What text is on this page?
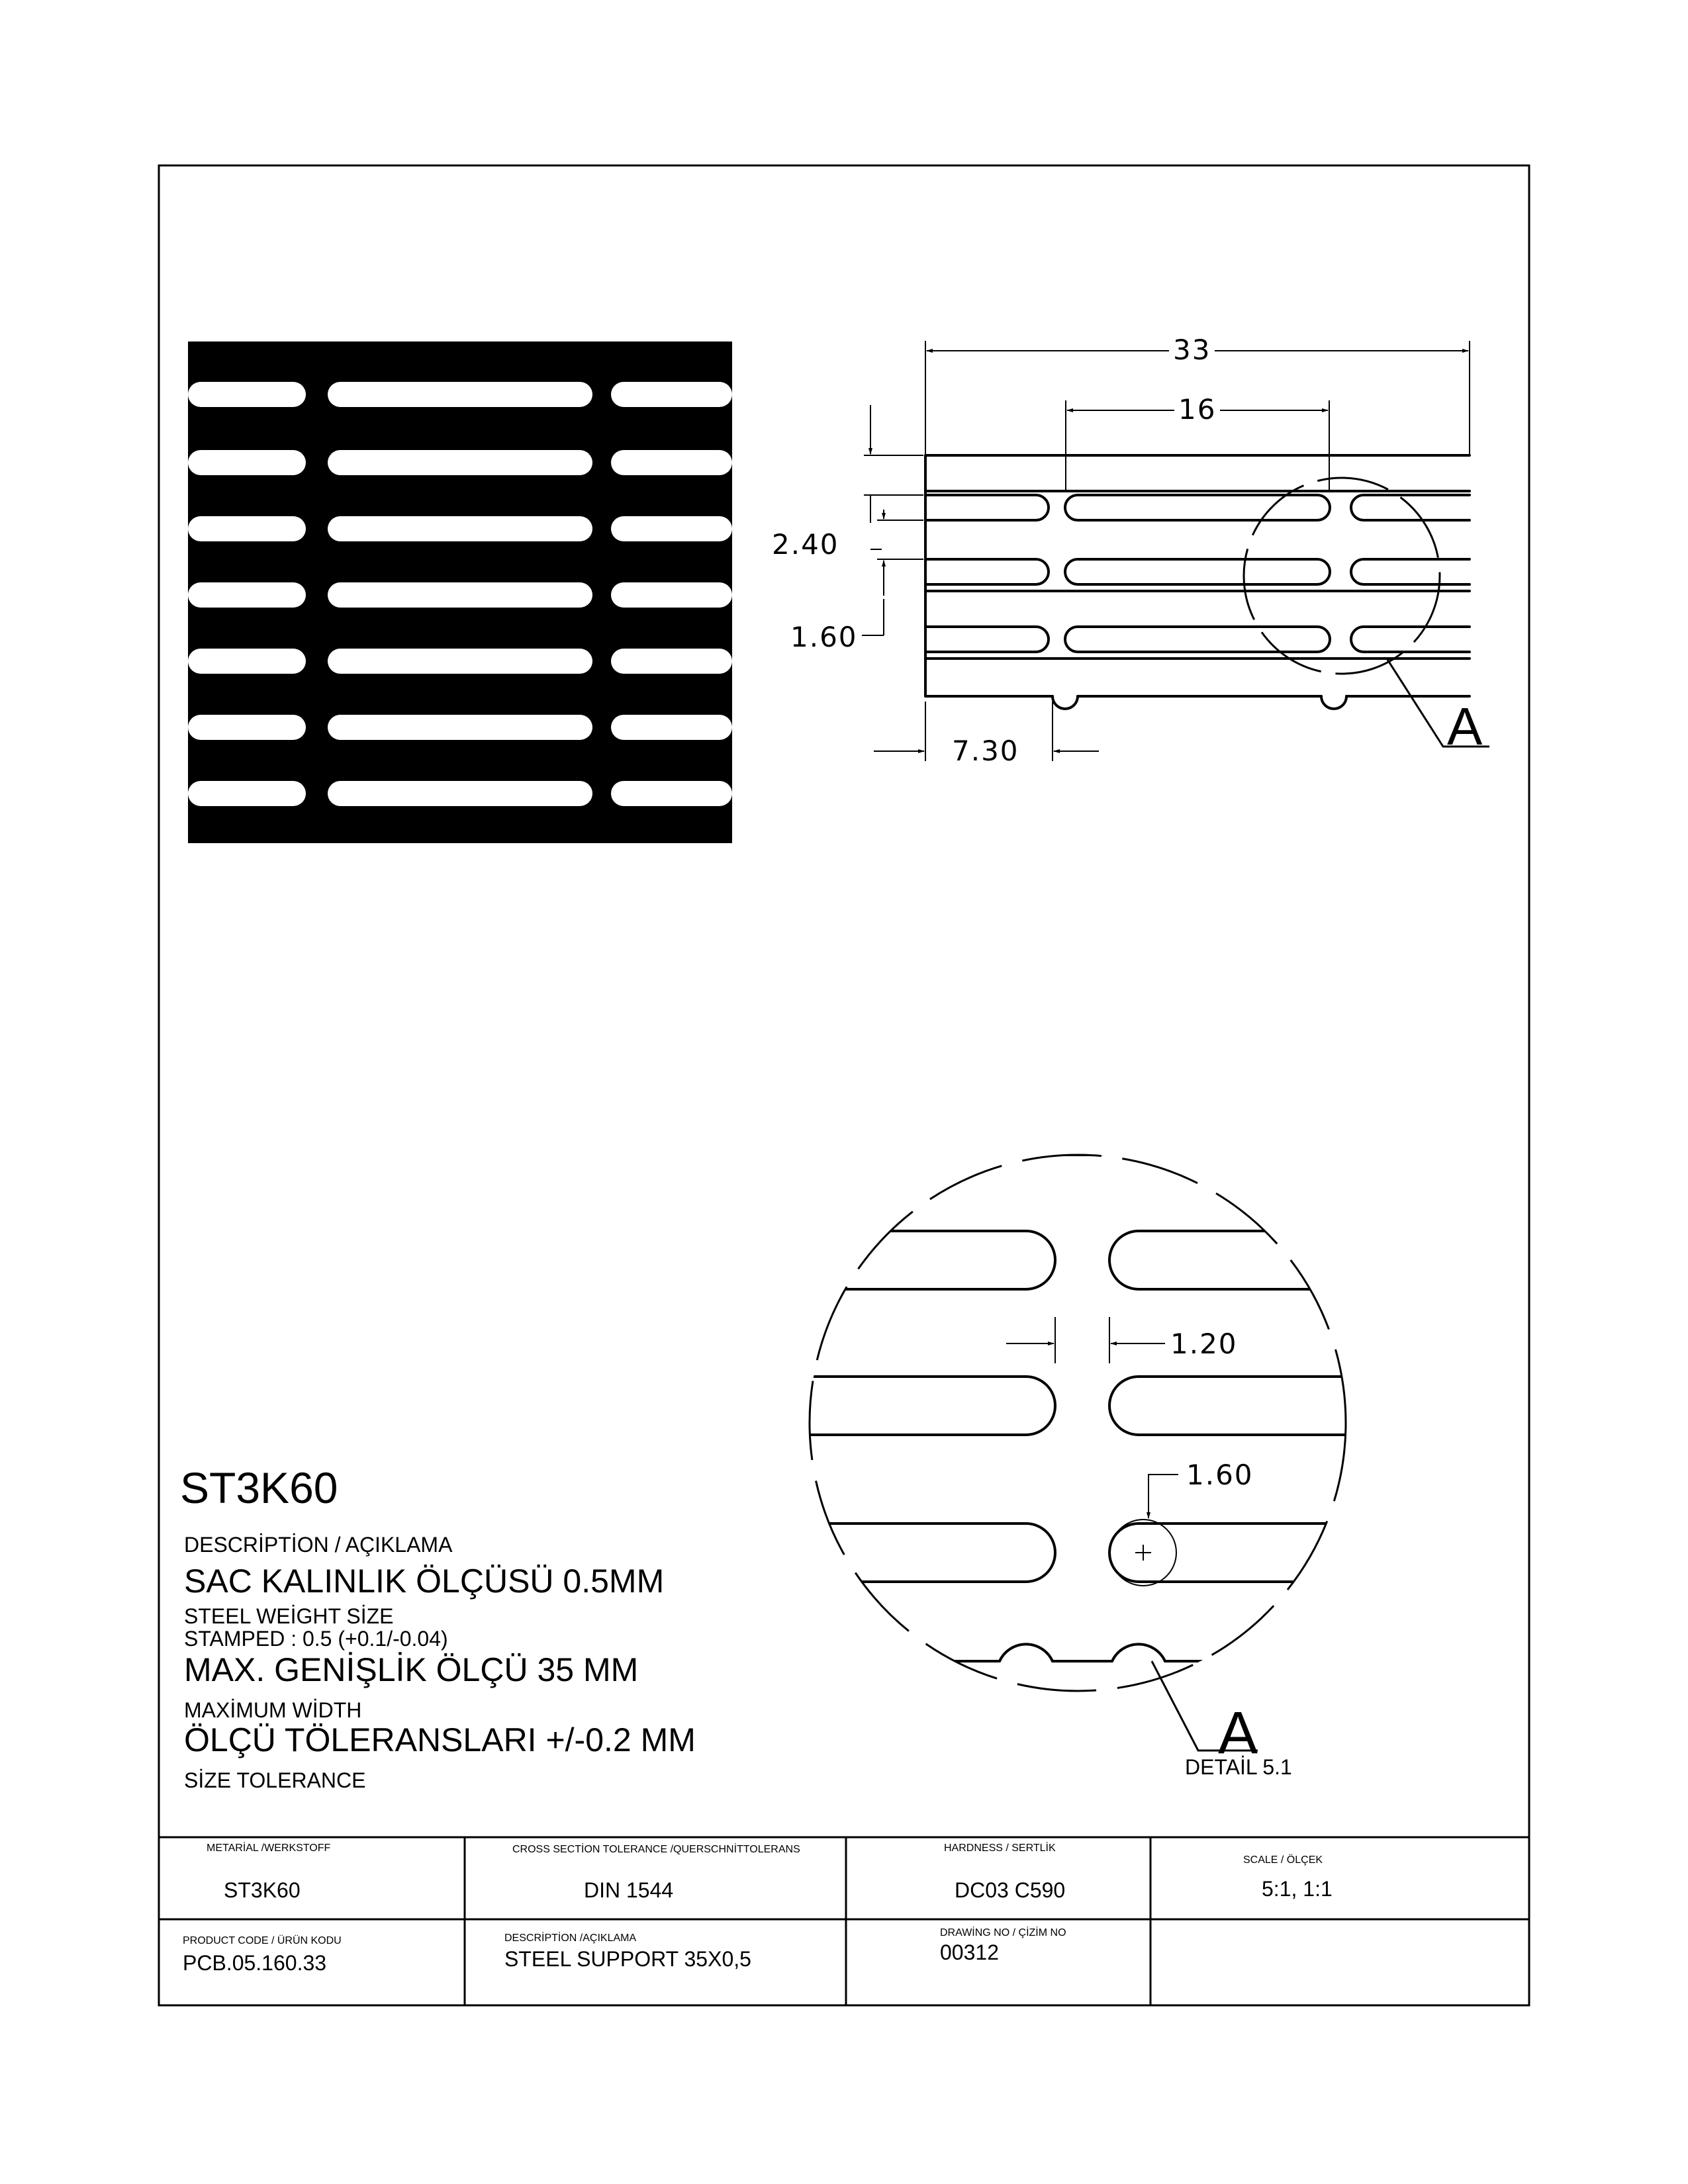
33
16
2.40
1.60
7.30	A
1.20
1.60
A
DETAİL 5.1
ST3K60
DESCRİPTİON / AÇIKLAMA
SAC KALINLIK ÖLÇÜSÜ 0.5MM
STEEL WEİGHT SİZE
STAMPED : 0.5 (+0.1/-0.04)
MAX. GENİŞLİK ÖLÇÜ 35 MM
MAXİMUM WİDTH
ÖLÇÜ TÖLERANSLARI +/-0.2 MM
SİZE TOLERANCE
METARİAL /WERKSTOFF
ST3K60
CROSS SECTİON TOLERANCE /QUERSCHNİTTOLERANS
DIN 1544
HARDNESS / SERTLİK
DC03 C590
SCALE / ÖLÇEK
5:1, 1:1
PRODUCT CODE / ÜRÜN KODU
PCB.05.160.33
DESCRİPTİON /AÇIKLAMA
STEEL SUPPORT 35X0,5
DRAWİNG NO / ÇİZİM NO
00312
